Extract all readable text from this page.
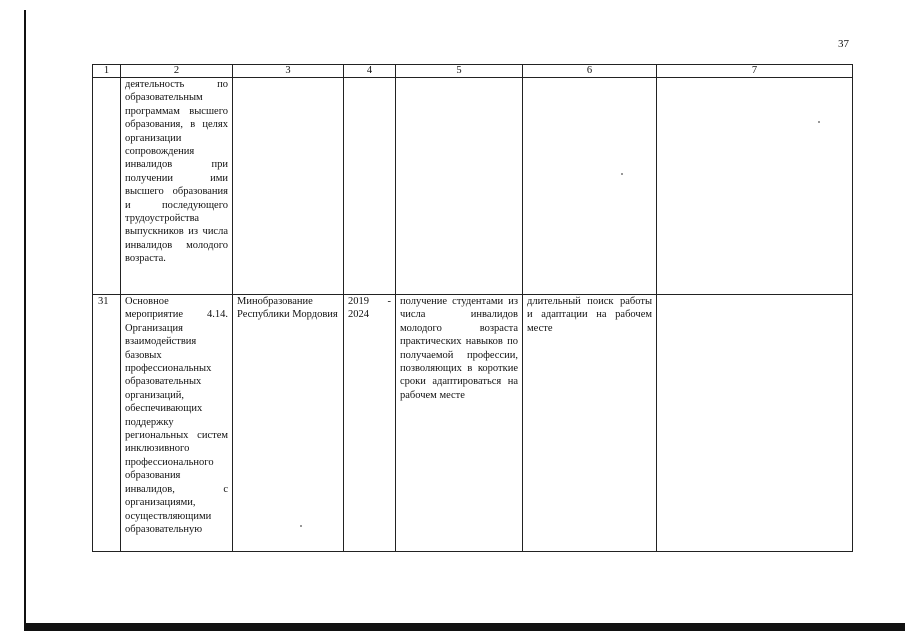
37
1	2	3	4	5	6	7
	деятельность по образовательным программам высшего образования, в целях организации сопровождения инвалидов при получении ими высшего образования и последующего трудоустройства выпускников из числа инвалидов молодого возраста.					
31	Основное мероприятие 4.14. Организация взаимодействия базовых профессиональных образовательных организаций, обеспечивающих поддержку региональных систем инклюзивного профессионального образования инвалидов, с организациями, осуществляющими образовательную	Минобразование Республики Мордовия	2019 - 2024	получение студентами из числа инвалидов молодого возраста практических навыков по получаемой профессии, позволяющих в короткие сроки адаптироваться на рабочем месте	длительный поиск работы и адаптации на рабочем месте	
